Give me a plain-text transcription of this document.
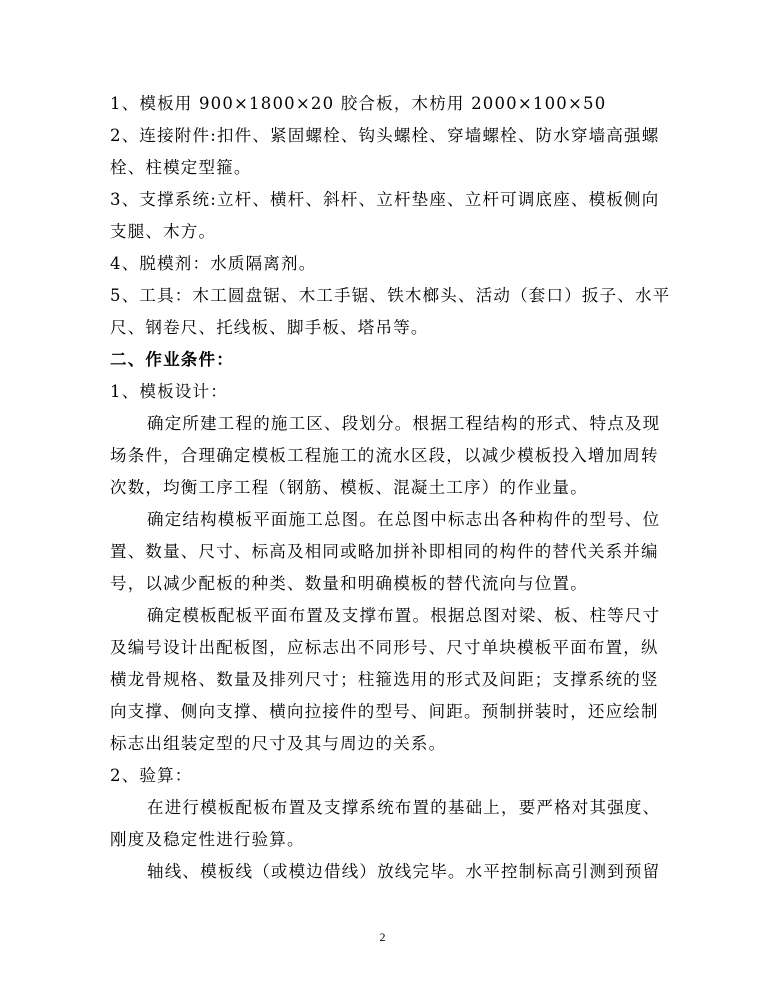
1、模板用 900×1800×20 胶合板，木枋用 2000×100×50
2、连接附件:扣件、紧固螺栓、钩头螺栓、穿墙螺栓、防水穿墙高强螺
栓、柱模定型箍。
3、支撑系统:立杆、横杆、斜杆、立杆垫座、立杆可调底座、模板侧向
支腿、木方。
4、脱模剂：水质隔离剂。
5、工具：木工圆盘锯、木工手锯、铁木榔头、活动（套口）扳子、水平
尺、钢卷尺、托线板、脚手板、塔吊等。
二、作业条件：
1、模板设计：
确定所建工程的施工区、段划分。根据工程结构的形式、特点及现
场条件，合理确定模板工程施工的流水区段，以减少模板投入增加周转
次数，均衡工序工程（钢筋、模板、混凝土工序）的作业量。
确定结构模板平面施工总图。在总图中标志出各种构件的型号、位
置、数量、尺寸、标高及相同或略加拼补即相同的构件的替代关系并编
号，以减少配板的种类、数量和明确模板的替代流向与位置。
确定模板配板平面布置及支撑布置。根据总图对梁、板、柱等尺寸
及编号设计出配板图，应标志出不同形号、尺寸单块模板平面布置，纵
横龙骨规格、数量及排列尺寸；柱箍选用的形式及间距；支撑系统的竖
向支撑、侧向支撑、横向拉接件的型号、间距。预制拼装时，还应绘制
标志出组装定型的尺寸及其与周边的关系。
2、验算：
在进行模板配板布置及支撑系统布置的基础上，要严格对其强度、
刚度及稳定性进行验算。
轴线、模板线（或模边借线）放线完毕。水平控制标高引测到预留
2
